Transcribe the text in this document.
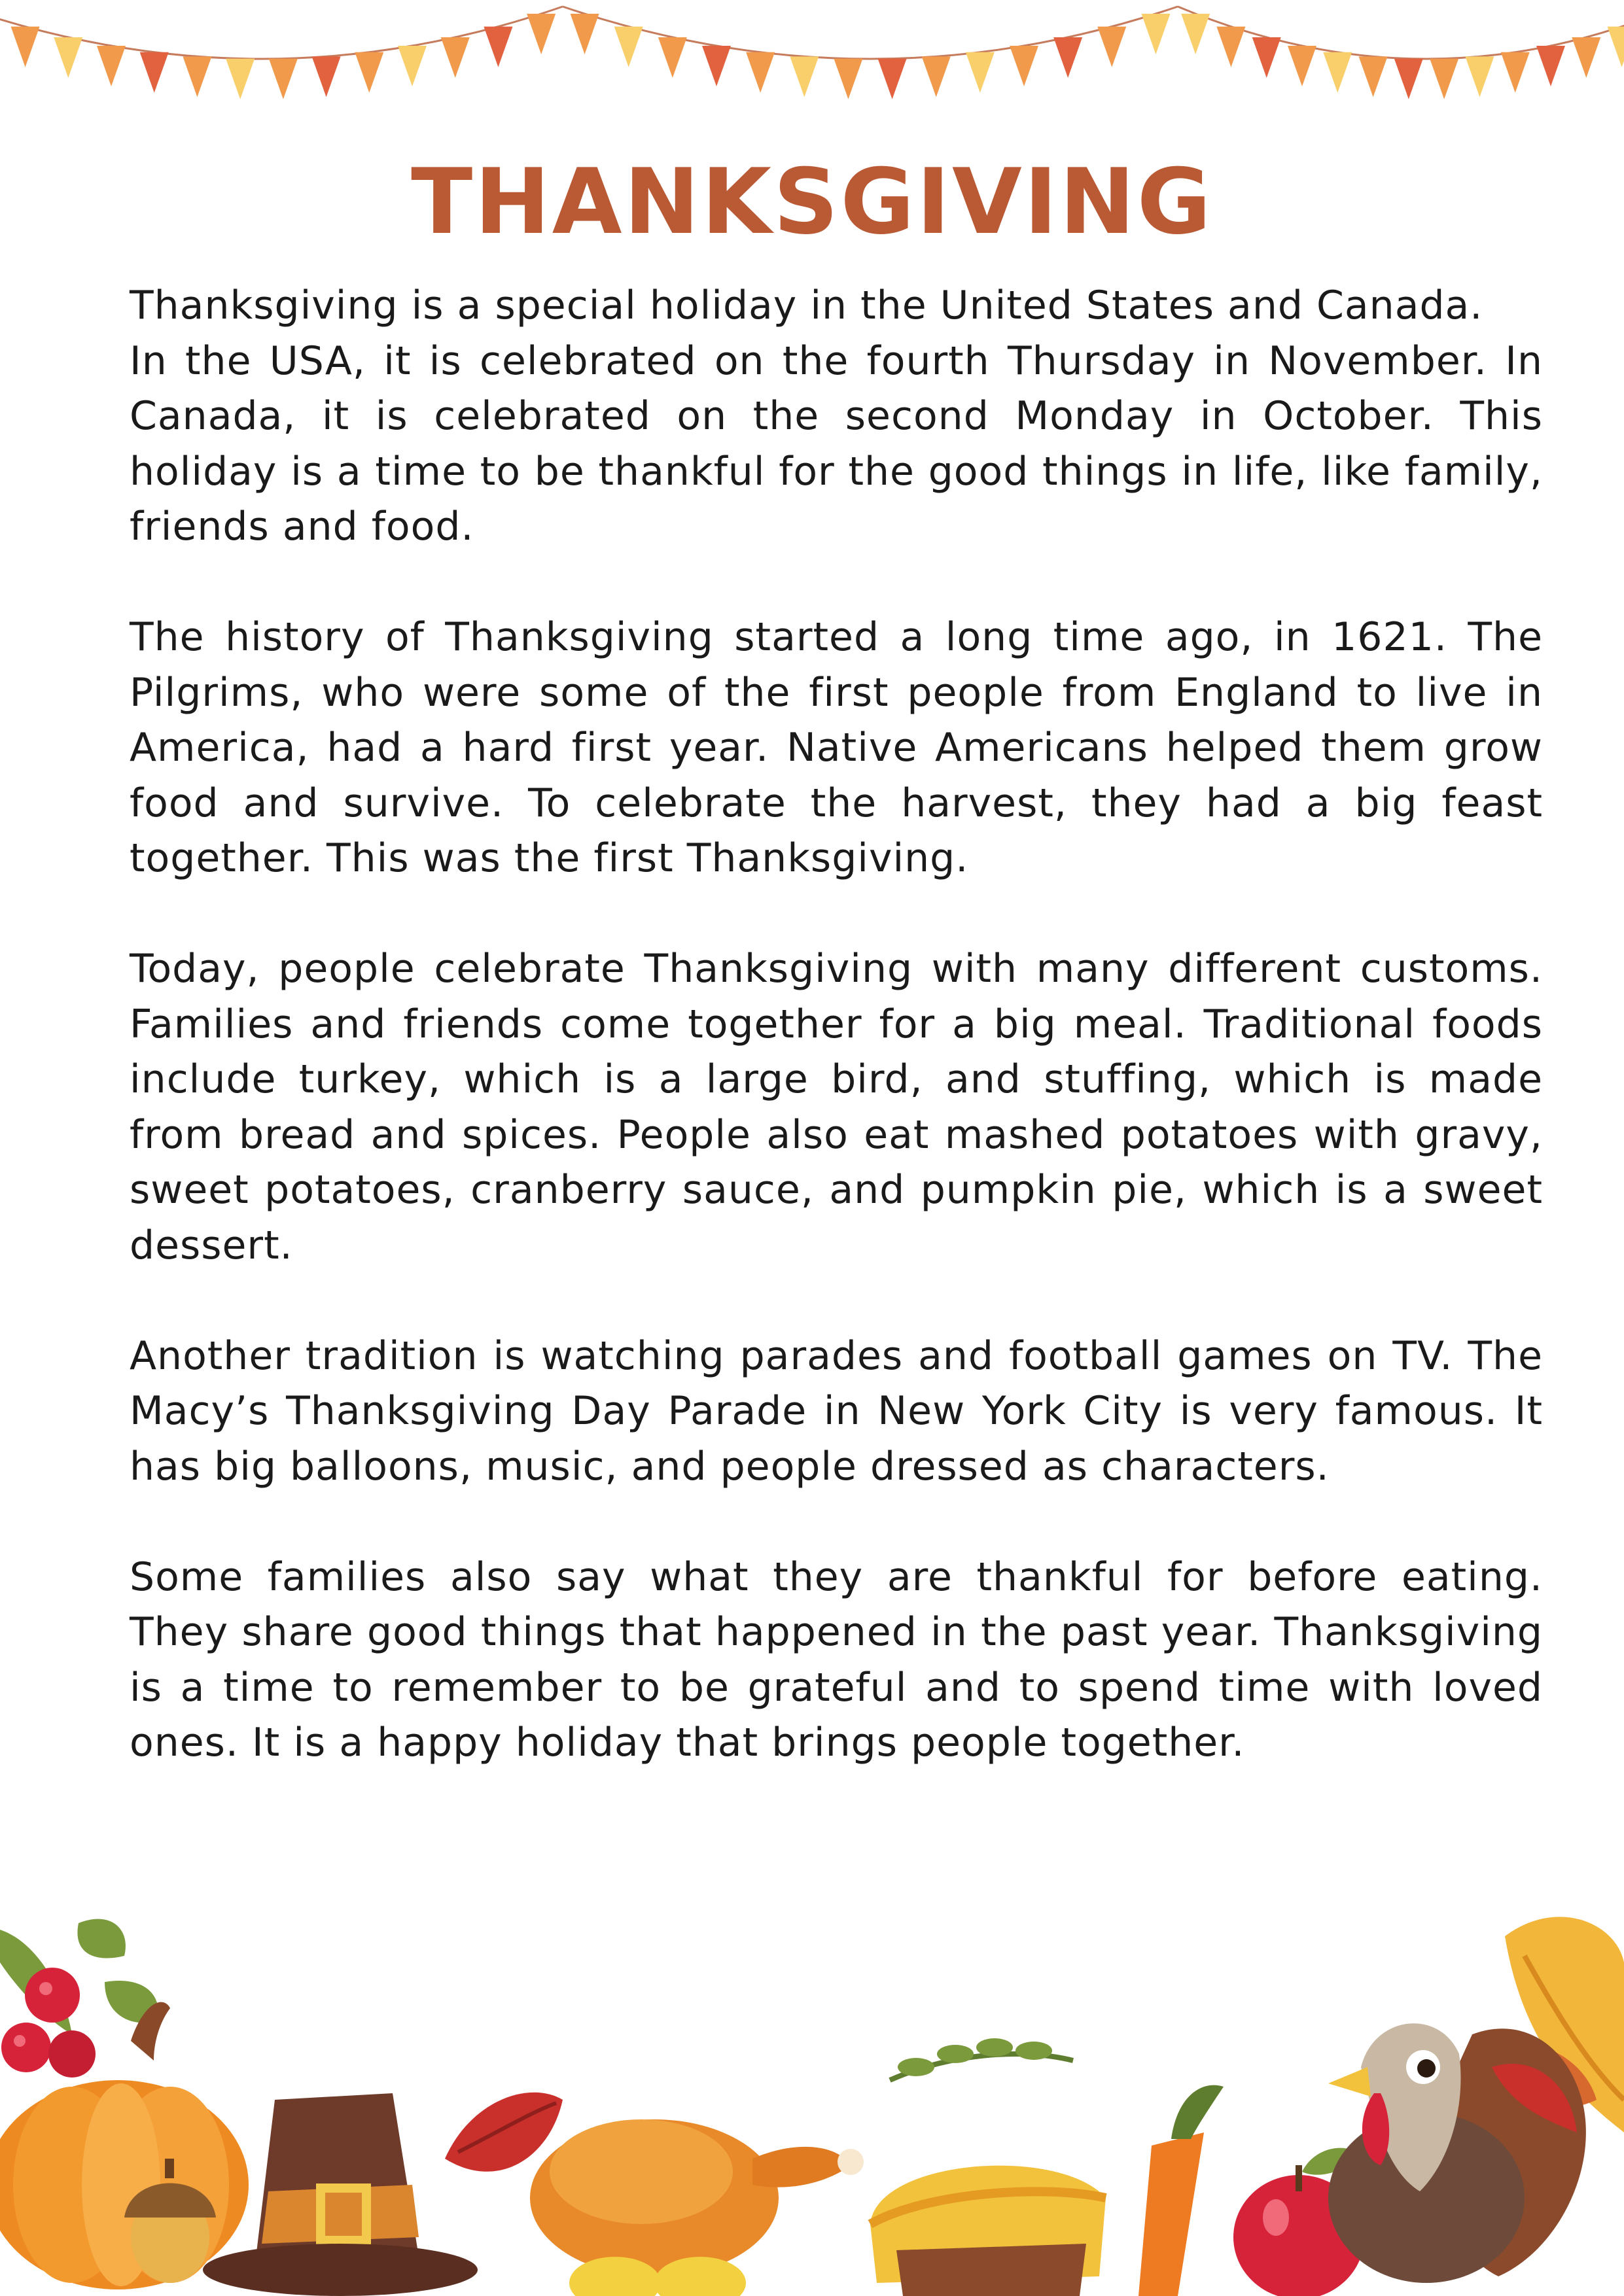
THANKSGIVING

Thanksgiving is a special holiday in the United States and Canada.
In the USA, it is celebrated on the fourth Thursday in November. In Canada, it is celebrated on the second Monday in October. This holiday is a time to be thankful for the good things in life, like family, friends and food.

The history of Thanksgiving started a long time ago, in 1621. The Pilgrims, who were some of the first people from England to live in America, had a hard first year. Native Americans helped them grow food and survive. To celebrate the harvest, they had a big feast together. This was the first Thanksgiving.

Today, people celebrate Thanksgiving with many different customs. Families and friends come together for a big meal. Traditional foods include turkey, which is a large bird, and stuffing, which is made from bread and spices. People also eat mashed potatoes with gravy, sweet potatoes, cranberry sauce, and pumpkin pie, which is a sweet dessert.

Another tradition is watching parades and football games on TV. The Macy’s Thanksgiving Day Parade in New York City is very famous. It has big balloons, music, and people dressed as characters.

Some families also say what they are thankful for before eating. They share good things that happened in the past year. Thanksgiving is a time to remember to be grateful and to spend time with loved ones. It is a happy holiday that brings people together.
